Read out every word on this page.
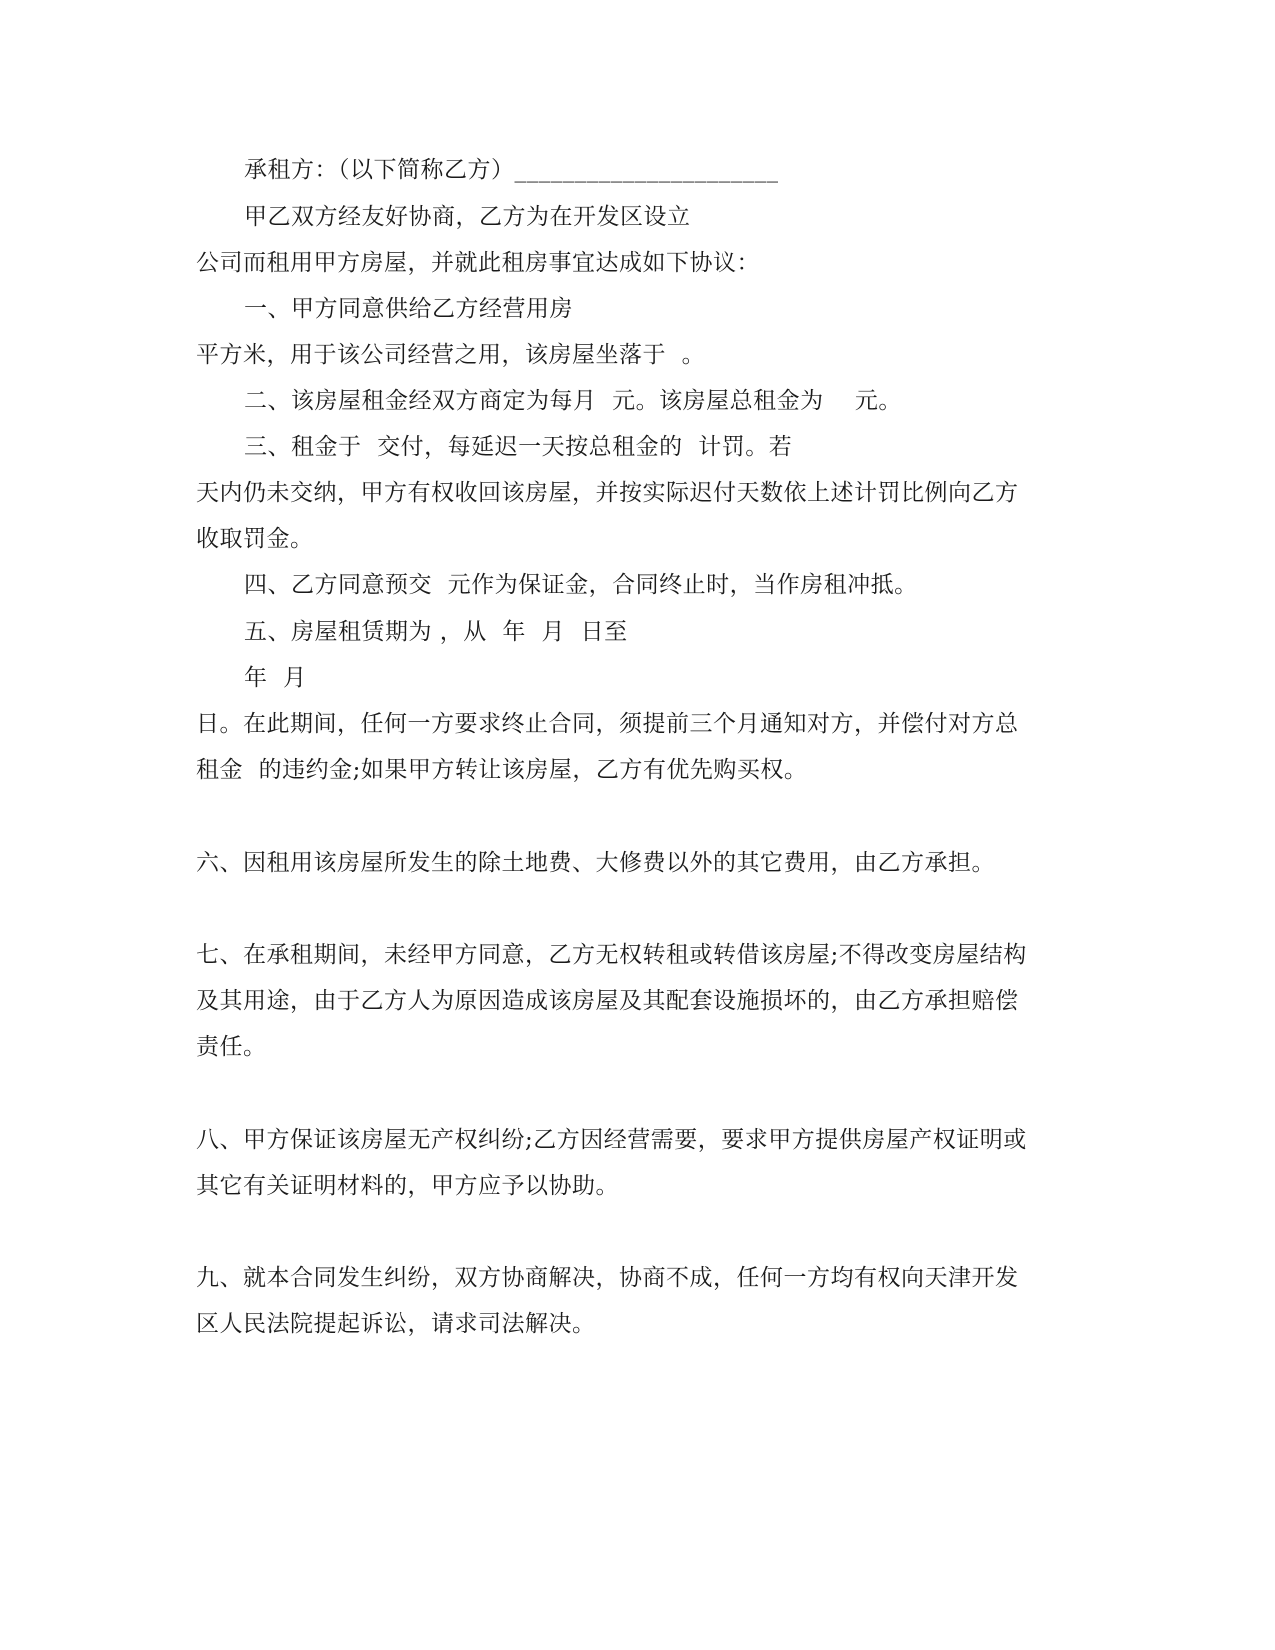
承租方：（以下简称乙方）______________________
甲乙双方经友好协商，乙方为在开发区设立
公司而租用甲方房屋，并就此租房事宜达成如下协议：
一、甲方同意供给乙方经营用房
平方米，用于该公司经营之用，该房屋坐落于  。
二、该房屋租金经双方商定为每月  元。该房屋总租金为    元。
三、租金于  交付，每延迟一天按总租金的  计罚。若
天内仍未交纳，甲方有权收回该房屋，并按实际迟付天数依上述计罚比例向乙方
收取罚金。
四、乙方同意预交  元作为保证金，合同终止时，当作房租冲抵。
五、房屋租赁期为 ，从  年  月  日至
年  月
日。在此期间，任何一方要求终止合同，须提前三个月通知对方，并偿付对方总
租金  的违约金;如果甲方转让该房屋，乙方有优先购买权。
六、因租用该房屋所发生的除土地费、大修费以外的其它费用，由乙方承担。
七、在承租期间，未经甲方同意，乙方无权转租或转借该房屋;不得改变房屋结构
及其用途，由于乙方人为原因造成该房屋及其配套设施损坏的，由乙方承担赔偿
责任。
八、甲方保证该房屋无产权纠纷;乙方因经营需要，要求甲方提供房屋产权证明或
其它有关证明材料的，甲方应予以协助。
九、就本合同发生纠纷，双方协商解决，协商不成，任何一方均有权向天津开发
区人民法院提起诉讼，请求司法解决。
